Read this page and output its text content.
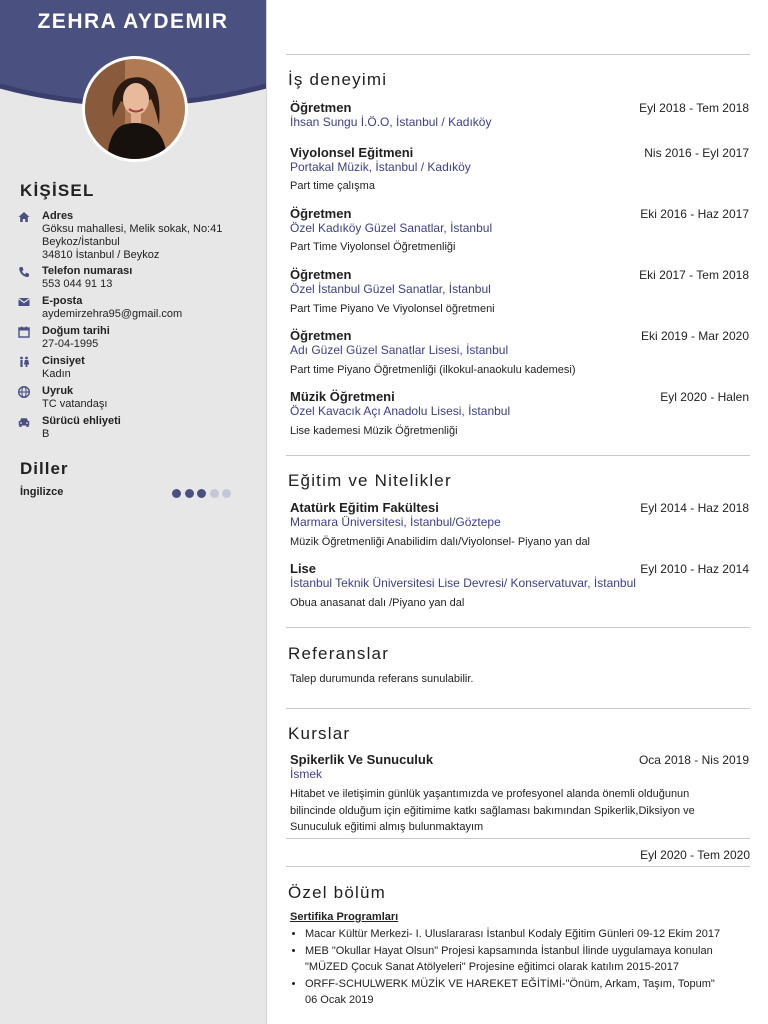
ZEHRA AYDEMIR
KİŞİSEL
Adres
Göksu mahallesi, Melik sokak, No:41
Beykoz/İstanbul
34810 İstanbul / Beykoz
Telefon numarası
553 044 91 13
E-posta
aydemirzehra95@gmail.com
Doğum tarihi
27-04-1995
Cinsiyet
Kadın
Uyruk
TC vatandaşı
Sürücü ehliyeti
B
Diller
İngilizce
İş deneyimi
Öğretmen	Eyl 2018 - Tem 2018
İhsan Sungu İ.Ö.O, İstanbul / Kadıköy
Viyolonsel Eğitmeni	Nis 2016 - Eyl 2017
Portakal Müzik, İstanbul / Kadıköy
Part time çalışma
Öğretmen	Eki 2016 - Haz 2017
Özel Kadıköy Güzel Sanatlar, İstanbul
Part Time Viyolonsel Öğretmenliği
Öğretmen	Eki 2017 - Tem 2018
Özel İstanbul Güzel Sanatlar, İstanbul
Part Time Piyano Ve Viyolonsel öğretmeni
Öğretmen	Eki 2019 - Mar 2020
Adı Güzel Güzel Sanatlar Lisesi, İstanbul
Part time Piyano Öğretmenliği (ilkokul-anaokulu kademesi)
Müzik Öğretmeni	Eyl 2020 - Halen
Özel Kavacık Açı Anadolu Lisesi, İstanbul
Lise kademesi Müzik Öğretmenliği
Eğitim ve Nitelikler
Atatürk Eğitim Fakültesi	Eyl 2014 - Haz 2018
Marmara Üniversitesi, İstanbul/Göztepe
Müzik Öğretmenliği Anabilidim dalı/Viyolonsel- Piyano yan dal
Lise	Eyl 2010 - Haz 2014
İstanbul Teknik Üniversitesi Lise Devresi/ Konservatuvar, İstanbul
Obua anasanat dalı /Piyano yan dal
Referanslar
Talep durumunda referans sunulabilir.
Kurslar
Spikerlik Ve Sunuculuk	Oca 2018 - Nis 2019
İsmek
Hitabet ve iletişimin günlük yaşantımızda ve profesyonel alanda önemli olduğunun
bilincinde olduğum için eğitimime katkı sağlaması bakımından Spikerlik,Diksiyon ve
Sunuculuk eğitimi almış bulunmaktayım
Eyl 2020 - Tem 2020
Özel bölüm
Sertifika Programları
• Macar Kültür Merkezi- I. Uluslararası İstanbul Kodaly Eğitim Günleri 09-12 Ekim 2017
• MEB "Okullar Hayat Olsun" Projesi kapsamında İstanbul İlinde uygulamaya konulan
"MÜZED Çocuk Sanat Atölyeleri" Projesine eğitimci olarak katılım 2015-2017
• ORFF-SCHULWERK MÜZİK VE HAREKET EĞİTİMİ-"Önüm, Arkam, Taşım, Topum"
06 Ocak 2019
